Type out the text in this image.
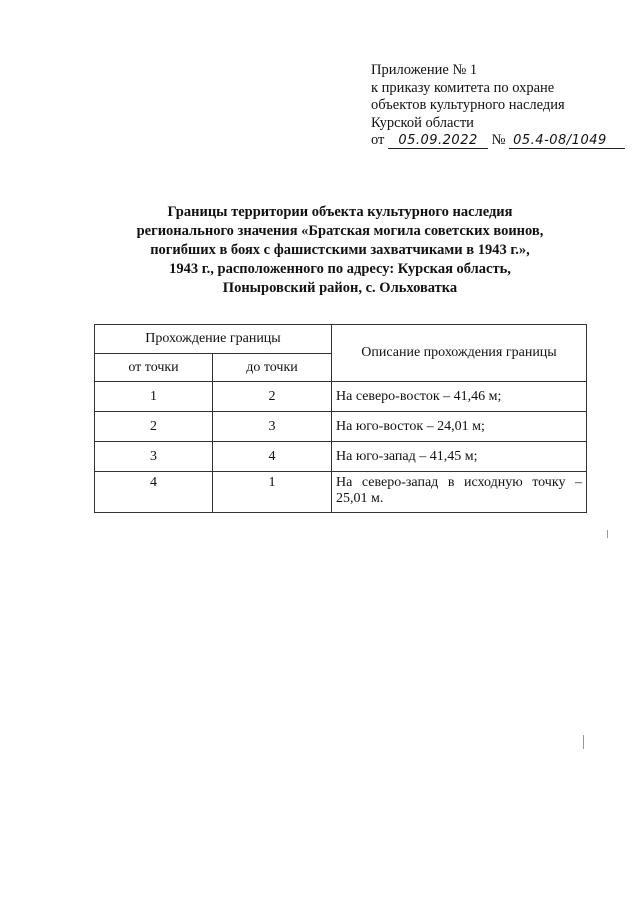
Приложение № 1
к приказу комитета по охране
объектов культурного наследия
Курской области
от 05.09.2022 № 05.4-08/1049
Границы территории объекта культурного наследия
регионального значения «Братская могила советских воинов,
погибших в боях с фашистскими захватчиками в 1943 г.»,
1943 г., расположенного по адресу: Курская область,
Поныровский район, с. Ольховатка
Прохождение границы		Описание прохождения границы
от точки	до точки	
1	2	На северо-восток – 41,46 м;
2	3	На юго-восток – 24,01 м;
3	4	На юго-запад – 41,45 м;
4	1	На северо-запад в исходную точку – 25,01 м.
